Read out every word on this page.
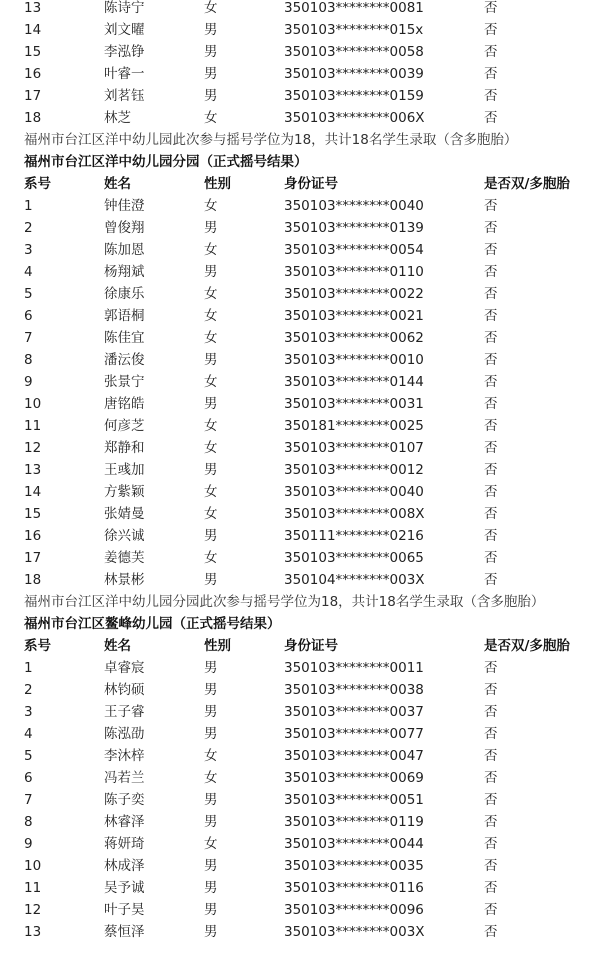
13	陈诗宁	女	350103********0081	否
14	刘文曜	男	350103********015x	否
15	李泓铮	男	350103********0058	否
16	叶睿一	男	350103********0039	否
17	刘茗钰	男	350103********0159	否
18	林芝	女	350103********006X	否
福州市台江区洋中幼儿园此次参与摇号学位为18，共计18名学生录取（含多胞胎）
福州市台江区洋中幼儿园分园（正式摇号结果）
系号	姓名	性别	身份证号	是否双/多胞胎
1	钟佳澄	女	350103********0040	否
2	曾俊翔	男	350103********0139	否
3	陈加恩	女	350103********0054	否
4	杨翔斌	男	350103********0110	否
5	徐康乐	女	350103********0022	否
6	郭语桐	女	350103********0021	否
7	陈佳宜	女	350103********0062	否
8	潘沄俊	男	350103********0010	否
9	张景宁	女	350103********0144	否
10	唐铭皓	男	350103********0031	否
11	何彦芝	女	350181********0025	否
12	郑静和	女	350103********0107	否
13	王彧加	男	350103********0012	否
14	方紫颖	女	350103********0040	否
15	张婧曼	女	350103********008X	否
16	徐兴诚	男	350111********0216	否
17	姜德芙	女	350103********0065	否
18	林景彬	男	350104********003X	否
福州市台江区洋中幼儿园分园此次参与摇号学位为18，共计18名学生录取（含多胞胎）
福州市台江区鳌峰幼儿园（正式摇号结果）
系号	姓名	性别	身份证号	是否双/多胞胎
1	卓睿宸	男	350103********0011	否
2	林钧硕	男	350103********0038	否
3	王子睿	男	350103********0037	否
4	陈泓劭	男	350103********0077	否
5	李沐梓	女	350103********0047	否
6	冯若兰	女	350103********0069	否
7	陈子奕	男	350103********0051	否
8	林睿泽	男	350103********0119	否
9	蒋妍琦	女	350103********0044	否
10	林成泽	男	350103********0035	否
11	吴予诚	男	350103********0116	否
12	叶子昊	男	350103********0096	否
13	蔡恒泽	男	350103********003X	否
